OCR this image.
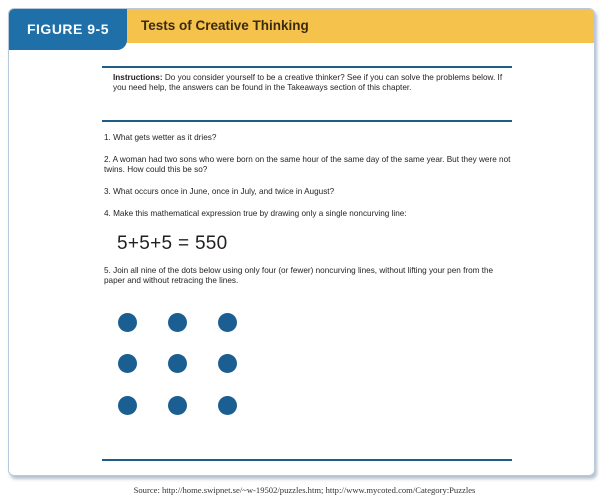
FIGURE 9-5	Tests of Creative Thinking
Instructions: Do you consider yourself to be a creative thinker? See if you can solve the problems below. If you need help, the answers can be found in the Takeaways section of this chapter.
1. What gets wetter as it dries?
2. A woman had two sons who were born on the same hour of the same day of the same year. But they were not twins. How could this be so?
3. What occurs once in June, once in July, and twice in August?
4. Make this mathematical expression true by drawing only a single noncurving line:
5+5+5 = 550
5. Join all nine of the dots below using only four (or fewer) noncurving lines, without lifting your pen from the paper and without retracing the lines.
Source: http://home.swipnet.se/~w-19502/puzzles.htm; http://www.mycoted.com/Category:Puzzles
